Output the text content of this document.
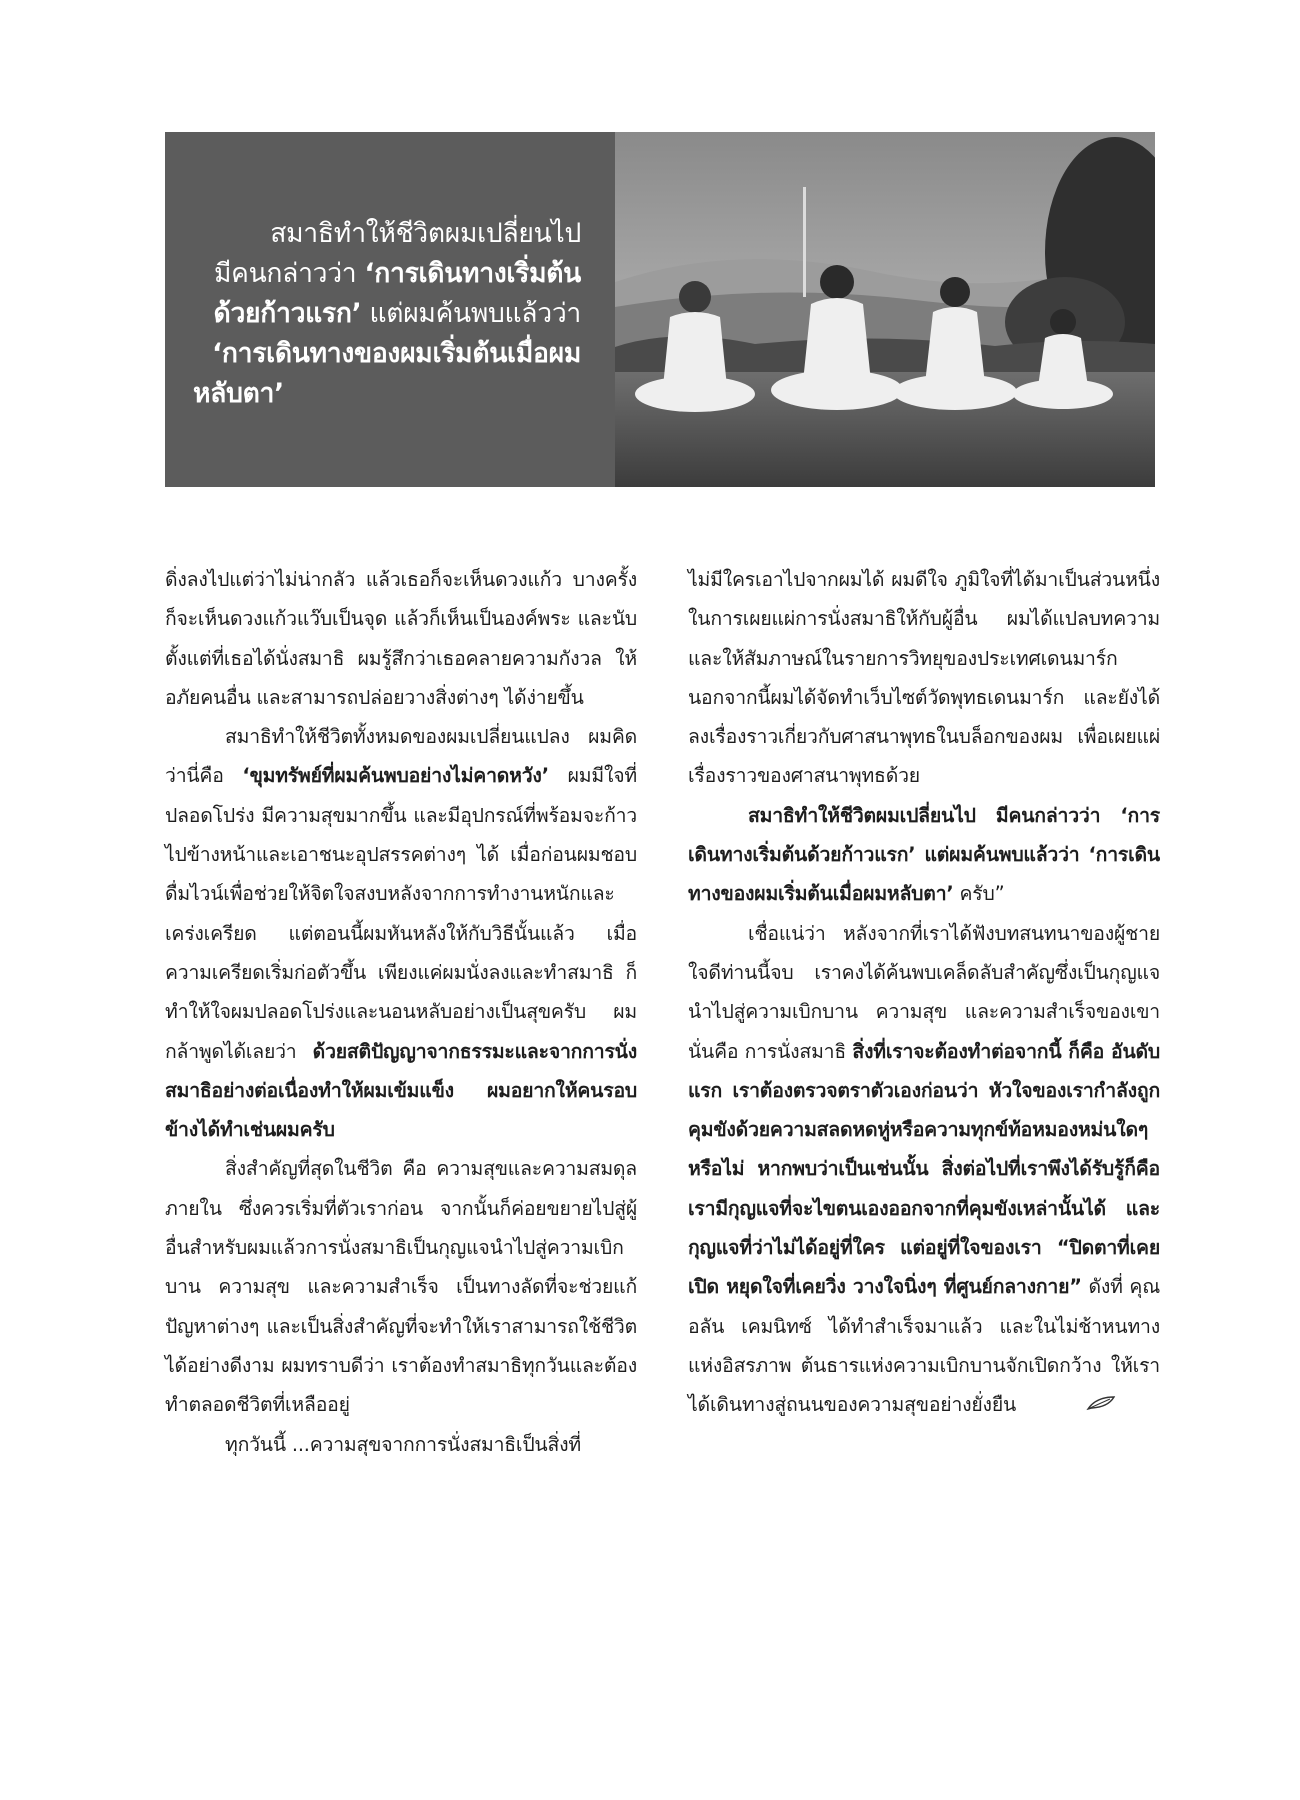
สมาธิทำให้ชีวิตผมเปลี่ยนไป
มีคนกล่าวว่า ‘การเดินทางเริ่มต้น
ด้วยก้าวแรก’ แต่ผมค้นพบแล้วว่า
‘การเดินทางของผมเริ่มต้นเมื่อผม
หลับตา’

ดิ่งลงไปแต่ว่าไม่น่ากลัว แล้วเธอก็จะเห็นดวงแก้ว บางครั้งก็จะเห็นดวงแก้วแว๊บเป็นจุด แล้วก็เห็นเป็นองค์พระ และนับตั้งแต่ที่เธอได้นั่งสมาธิ ผมรู้สึกว่าเธอคลายความกังวล ให้อภัยคนอื่น และสามารถปล่อยวางสิ่งต่างๆ ได้ง่ายขึ้น

สมาธิทำให้ชีวิตทั้งหมดของผมเปลี่ยนแปลง ผมคิดว่านี่คือ ‘ขุมทรัพย์ที่ผมค้นพบอย่างไม่คาดหวัง’ ผมมีใจที่ปลอดโปร่ง มีความสุขมากขึ้น และมีอุปกรณ์ที่พร้อมจะก้าวไปข้างหน้าและเอาชนะอุปสรรคต่างๆ ได้ เมื่อก่อนผมชอบดื่มไวน์เพื่อช่วยให้จิตใจสงบหลังจากการทำงานหนักและเคร่งเครียด แต่ตอนนี้ผมหันหลังให้กับวิธีนั้นแล้ว เมื่อความเครียดเริ่มก่อตัวขึ้น เพียงแค่ผมนั่งลงและทำสมาธิ ก็ทำให้ใจผมปลอดโปร่งและนอนหลับอย่างเป็นสุขครับ ผมกล้าพูดได้เลยว่า ด้วยสติปัญญาจากธรรมะและจากการนั่งสมาธิอย่างต่อเนื่องทำให้ผมเข้มแข็ง ผมอยากให้คนรอบข้างได้ทำเช่นผมครับ

สิ่งสำคัญที่สุดในชีวิต คือ ความสุขและความสมดุลภายใน ซึ่งควรเริ่มที่ตัวเราก่อน จากนั้นก็ค่อยขยายไปสู่ผู้อื่นสำหรับผมแล้วการนั่งสมาธิเป็นกุญแจนำไปสู่ความเบิกบาน ความสุข และความสำเร็จ เป็นทางลัดที่จะช่วยแก้ปัญหาต่างๆ และเป็นสิ่งสำคัญที่จะทำให้เราสามารถใช้ชีวิตได้อย่างดีงาม ผมทราบดีว่า เราต้องทำสมาธิทุกวันและต้องทำตลอดชีวิตที่เหลืออยู่

ทุกวันนี้ ...ความสุขจากการนั่งสมาธิเป็นสิ่งที่

ไม่มีใครเอาไปจากผมได้ ผมดีใจ ภูมิใจที่ได้มาเป็นส่วนหนึ่งในการเผยแผ่การนั่งสมาธิให้กับผู้อื่น ผมได้แปลบทความและให้สัมภาษณ์ในรายการวิทยุของประเทศเดนมาร์ก นอกจากนี้ผมได้จัดทำเว็บไซต์วัดพุทธเดนมาร์ก และยังได้ลงเรื่องราวเกี่ยวกับศาสนาพุทธในบล็อกของผม เพื่อเผยแผ่เรื่องราวของศาสนาพุทธด้วย

สมาธิทำให้ชีวิตผมเปลี่ยนไป มีคนกล่าวว่า ‘การเดินทางเริ่มต้นด้วยก้าวแรก’ แต่ผมค้นพบแล้วว่า ‘การเดินทางของผมเริ่มต้นเมื่อผมหลับตา’ ครับ”

เชื่อแน่ว่า หลังจากที่เราได้ฟังบทสนทนาของผู้ชายใจดีท่านนี้จบ เราคงได้ค้นพบเคล็ดลับสำคัญซึ่งเป็นกุญแจนำไปสู่ความเบิกบาน ความสุข และความสำเร็จของเขา นั่นคือ การนั่งสมาธิ สิ่งที่เราจะต้องทำต่อจากนี้ ก็คือ อันดับแรก เราต้องตรวจตราตัวเองก่อนว่า หัวใจของเรากำลังถูกคุมขังด้วยความสลดหดหู่หรือความทุกข์ท้อหมองหม่นใดๆ หรือไม่ หากพบว่าเป็นเช่นนั้น สิ่งต่อไปที่เราพึงได้รับรู้ก็คือ เรามีกุญแจที่จะไขตนเองออกจากที่คุมขังเหล่านั้นได้ และกุญแจที่ว่าไม่ได้อยู่ที่ใคร แต่อยู่ที่ใจของเรา “ปิดตาที่เคยเปิด หยุดใจที่เคยวิ่ง วางใจนิ่งๆ ที่ศูนย์กลางกาย” ดังที่ คุณอลัน เคมนิทซ์ ได้ทำสำเร็จมาแล้ว และในไม่ช้าหนทางแห่งอิสรภาพ ต้นธารแห่งความเบิกบานจักเปิดกว้าง ให้เราได้เดินทางสู่ถนนของความสุขอย่างยั่งยืน
